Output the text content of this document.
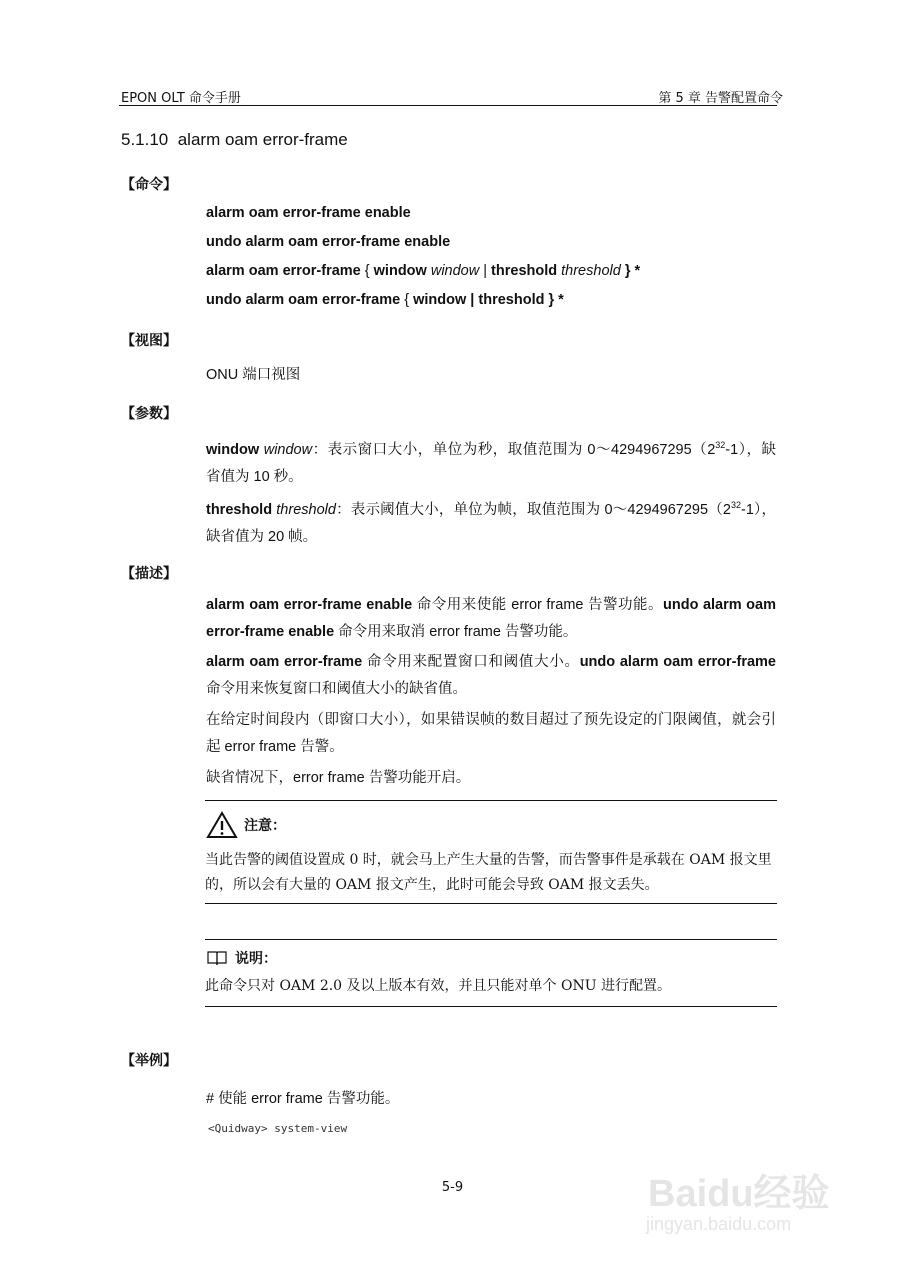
EPON OLT 命令手册	第 5 章 告警配置命令
5.1.10 alarm oam error-frame
【命令】
alarm oam error-frame enable
undo alarm oam error-frame enable
alarm oam error-frame { window window | threshold threshold } *
undo alarm oam error-frame { window | threshold } *
【视图】
ONU 端口视图
【参数】
window window：表示窗口大小，单位为秒，取值范围为 $0\sim 4294967295(2^{32}-1)$，缺省值为 10 秒。
threshold threshold：表示阈值大小，单位为帧，取值范围为 $0\sim 4294967295(2^{32}-1)$，缺省值为 20 帧。
【描述】
alarm oam error-frame enable 命令用来使能 error frame 告警功能。undo alarm oam error-frame enable 命令用来取消 error frame 告警功能。
alarm oam error-frame 命令用来配置窗口和阈值大小。undo alarm oam error-frame 命令用来恢复窗口和阈值大小的缺省值。
在给定时间段内（即窗口大小），如果错误帧的数目超过了预先设定的门限阈值，就会引起 error frame 告警。
缺省情况下，error frame 告警功能开启。
注意：
当此告警的阈值设置成 0 时，就会马上产生大量的告警，而告警事件是承载在 OAM 报文里的，所以会有大量的 OAM 报文产生，此时可能会导致 OAM 报文丢失。
说明：
此命令只对 OAM 2.0 及以上版本有效，并且只能对单个 ONU 进行配置。
【举例】
# 使能 error frame 告警功能。
<Quidway> system-view
5-9	Baidu经验
jingyan.baidu.com
